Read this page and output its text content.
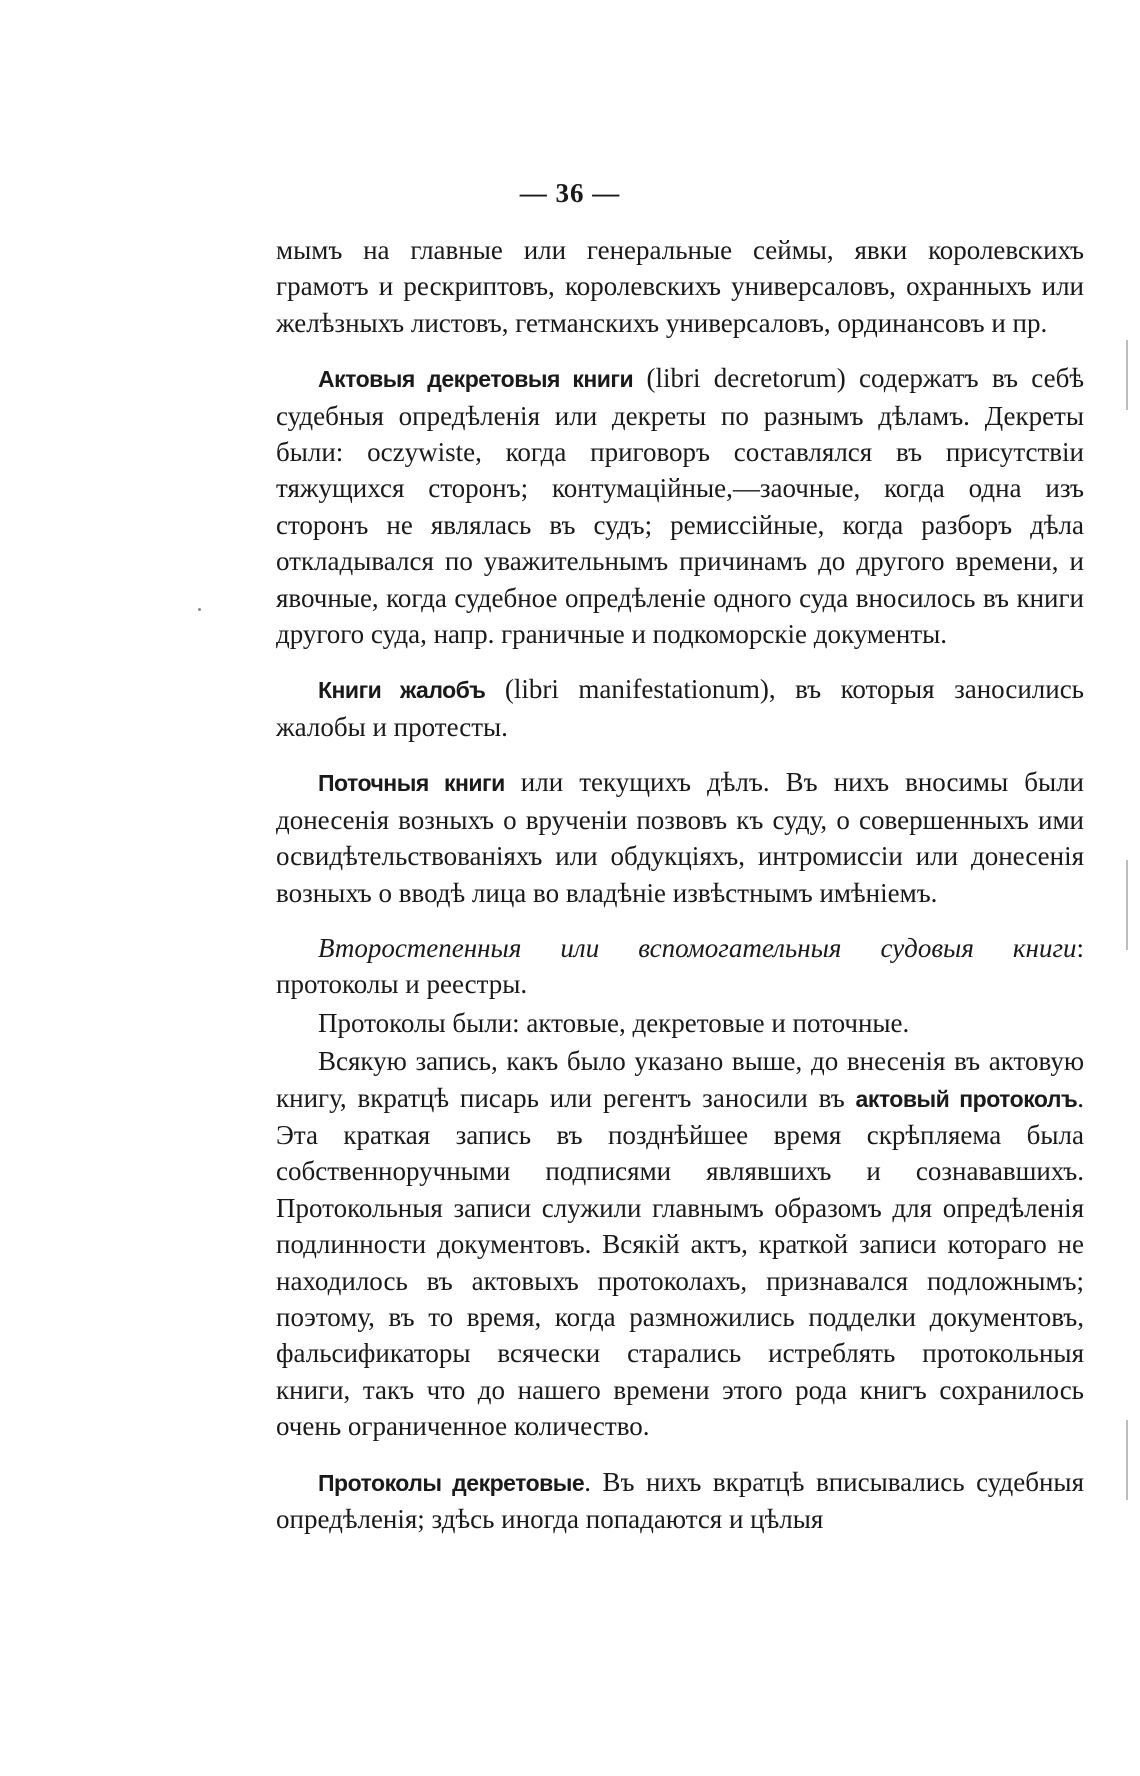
— 36 —

мымъ на главные или генеральные сеймы, явки королевскихъ грамотъ и рескриптовъ, королевскихъ универсаловъ, охранныхъ или желѣзныхъ листовъ, гетманскихъ универсаловъ, ординансовъ и пр.

Актовыя декретовыя книги (libri decretorum) содержатъ въ себѣ судебныя опредѣленія или декреты по разнымъ дѣламъ. Декреты были: oczywiste, когда приговоръ составлялся въ присутствіи тяжущихся сторонъ; контумаційные,—заочные, когда одна изъ сторонъ не являлась въ судъ; ремиссійные, когда разборъ дѣла откладывался по уважительнымъ причинамъ до другого времени, и явочные, когда судебное опредѣленіе одного суда вносилось въ книги другого суда, напр. граничные и подкоморскіе документы.

Книги жалобъ (libri manifestationum), въ которыя заносились жалобы и протесты.

Поточныя книги или текущихъ дѣлъ. Въ нихъ вносимы были донесенія возныхъ о врученіи позвовъ къ суду, о совершенныхъ ими освидѣтельствованіяхъ или обдукціяхъ, интромиссіи или донесенія возныхъ о вводѣ лица во владѣніе извѣстнымъ имѣніемъ.

Второстепенныя или вспомогательныя судовыя книги: протоколы и реестры.

Протоколы были: актовые, декретовые и поточные.

Всякую запись, какъ было указано выше, до внесенія въ актовую книгу, вкратцѣ писарь или регентъ заносили въ актовый протоколъ. Эта краткая запись въ позднѣйшее время скрѣпляема была собственноручными подписями являвшихъ и сознававшихъ. Протокольныя записи служили главнымъ образомъ для опредѣленія подлинности документовъ. Всякій актъ, краткой записи котораго не находилось въ актовыхъ протоколахъ, признавался подложнымъ; поэтому, въ то время, когда размножились подделки документовъ, фальсификаторы всячески старались истреблять протокольныя книги, такъ что до нашего времени этого рода книгъ сохранилось очень ограниченное количество.

Протоколы декретовые. Въ нихъ вкратцѣ вписывались судебныя опредѣленія; здѣсь иногда попадаются и цѣлыя
